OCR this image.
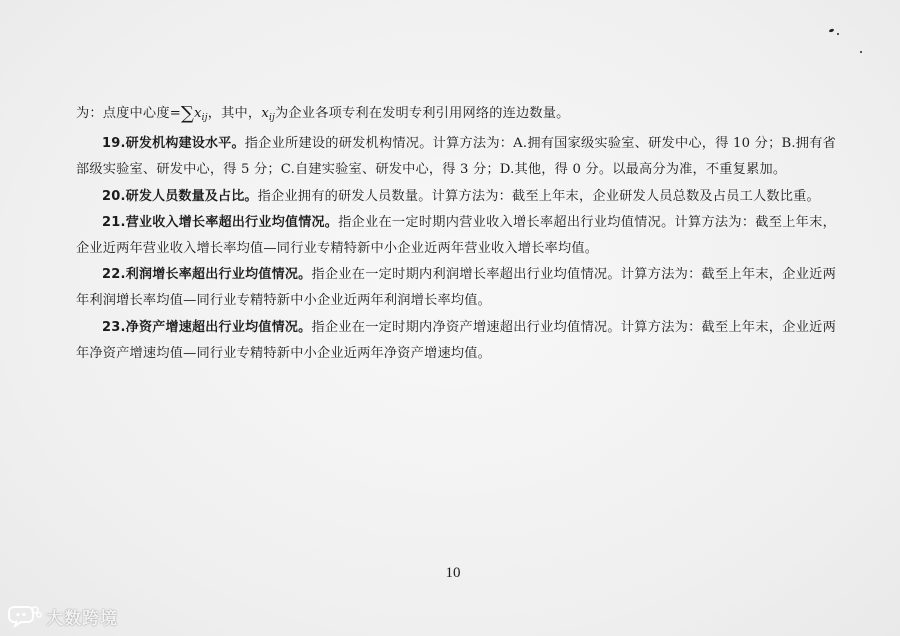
为：点度中心度$=\sum x_{ij}$，其中，$x_{ij}$为企业各项专利在发明专利引用网络的连边数量。

19.研发机构建设水平。指企业所建设的研发机构情况。计算方法为：A.拥有国家级实验室、研发中心，得 10 分；B.拥有省部级实验室、研发中心，得 5 分；C.自建实验室、研发中心，得 3 分；D.其他，得 0 分。以最高分为准，不重复累加。

20.研发人员数量及占比。指企业拥有的研发人员数量。计算方法为：截至上年末，企业研发人员总数及占员工人数比重。

21.营业收入增长率超出行业均值情况。指企业在一定时期内营业收入增长率超出行业均值情况。计算方法为：截至上年末，企业近两年营业收入增长率均值—同行业专精特新中小企业近两年营业收入增长率均值。

22.利润增长率超出行业均值情况。指企业在一定时期内利润增长率超出行业均值情况。计算方法为：截至上年末，企业近两年利润增长率均值—同行业专精特新中小企业近两年利润增长率均值。

23.净资产增速超出行业均值情况。指企业在一定时期内净资产增速超出行业均值情况。计算方法为：截至上年末，企业近两年净资产增速均值—同行业专精特新中小企业近两年净资产增速均值。

10
大数跨境
